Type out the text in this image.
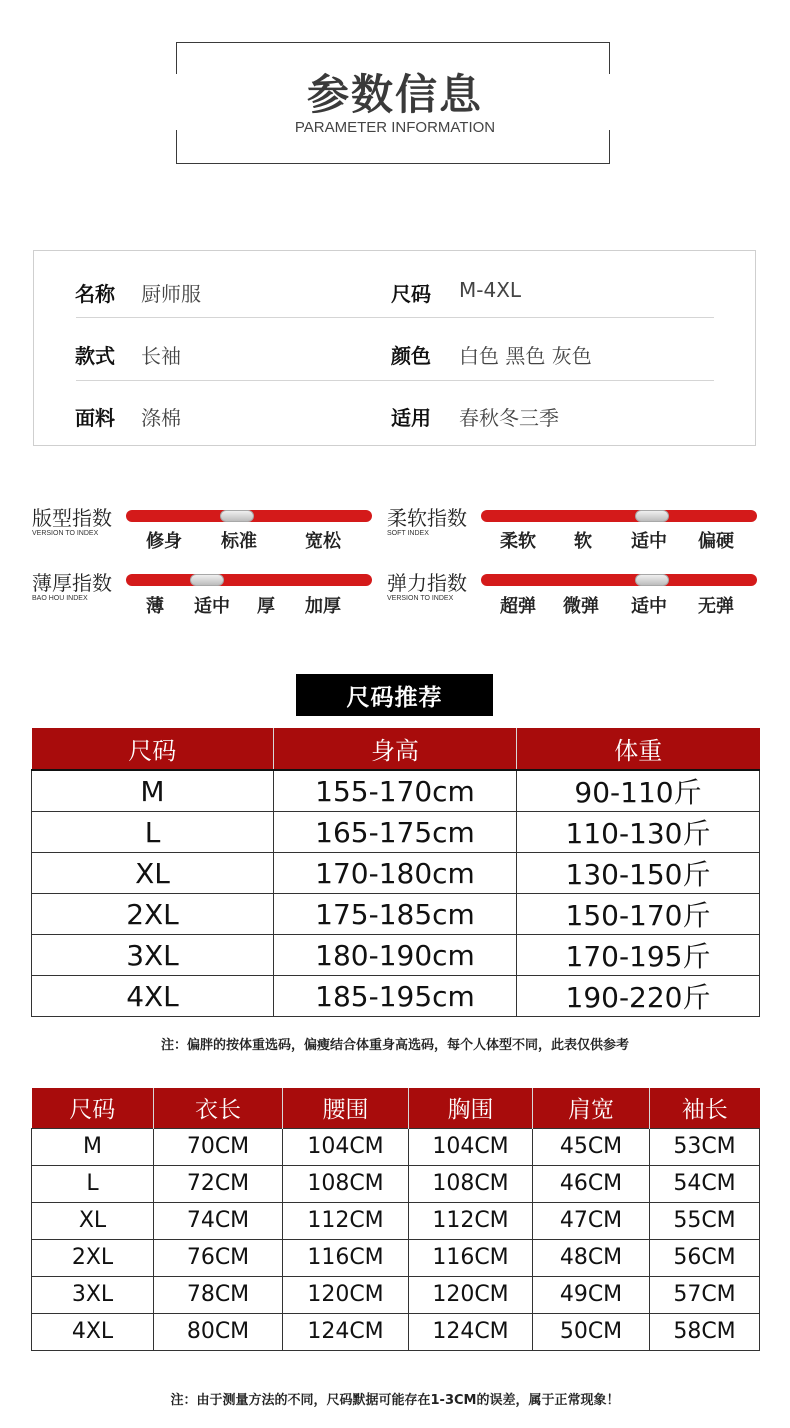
参数信息
PARAMETER INFORMATION
名称 厨师服	尺码 M-4XL
款式 长袖	颜色 白色 黑色 灰色
面料 涤棉	适用 春秋冬三季
版型指数
VERSION TO INDEX	修身 标准	宽松
柔软指数
SOFT INDEX	柔软 软 适中 偏硬
薄厚指数
BAO HOU INDEX	薄 适中 厚 加厚
弹力指数
VERSION TO INDEX	超弹 微弹 适中 无弹
尺码推荐
尺码	身高	体重
M	155-170cm	90-110斤
L	165-175cm	110-130斤
XL	170-180cm	130-150斤
2XL	175-185cm	150-170斤
3XL	180-190cm	170-195斤
4XL	185-195cm	190-220斤
注：偏胖的按体重选码，偏瘦结合体重身高选码，每个人体型不同，此表仅供参考
尺码	衣长	腰围	胸围	肩宽	袖长
M	70CM	104CM	104CM	45CM	53CM
L	72CM	108CM	108CM	46CM	54CM
XL	74CM	112CM	112CM	47CM	55CM
2XL	76CM	116CM	116CM	48CM	56CM
3XL	78CM	120CM	120CM	49CM	57CM
4XL	80CM	124CM	124CM	50CM	58CM
注：由于测量方法的不同，尺码默据可能存在1-3CM的误差，属于正常现象！
